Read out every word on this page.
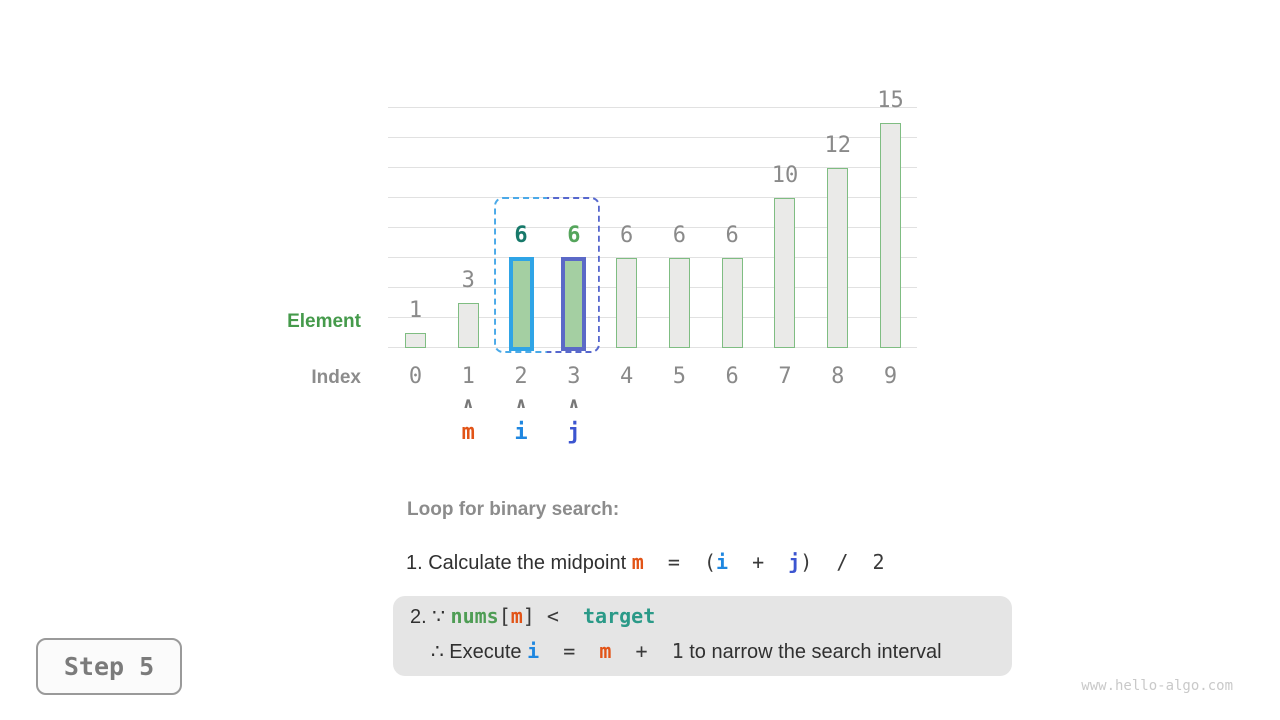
1
3
6	6	6	6	6
10
12
15
Element
Index
Loop for binary search:
1. Calculate the midpoint m  =  (i  +  j)  /  2
2. ∵ nums[m] <  target
∴ Execute i  =  m  +  1 to narrow the search interval
Step 5
www.hello-algo.com
0	1	2	3	4	5	6	7	8	9
∧
m
∧
i
∧
j
